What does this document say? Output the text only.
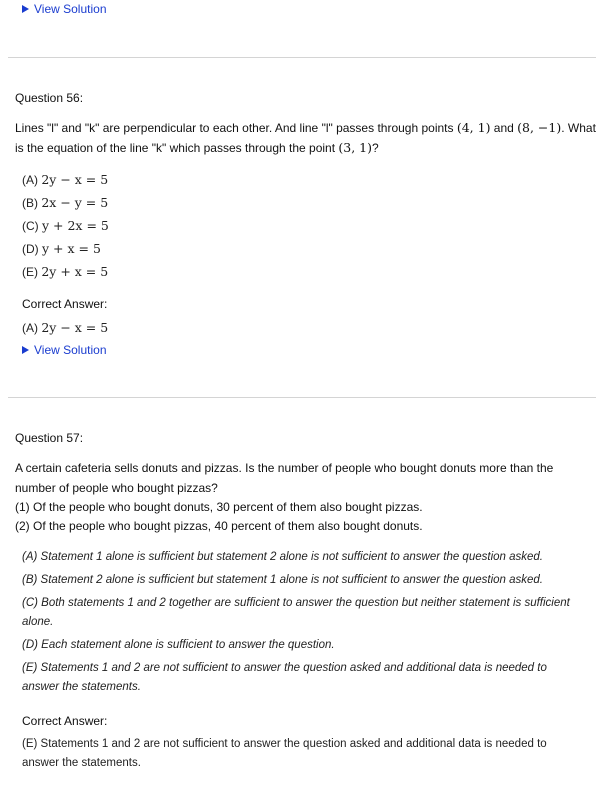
View Solution
Question 56:
Lines "l" and "k" are perpendicular to each other. And line "l" passes through points (4, 1) and (8, −1). What is the equation of the line "k" which passes through the point (3, 1)?
(A) 2y − x = 5
(B) 2x − y = 5
(C) y + 2x = 5
(D) y + x = 5
(E) 2y + x = 5
Correct Answer:
(A) 2y − x = 5
View Solution
Question 57:
A certain cafeteria sells donuts and pizzas. Is the number of people who bought donuts more than the number of people who bought pizzas?
(1) Of the people who bought donuts, 30 percent of them also bought pizzas.
(2) Of the people who bought pizzas, 40 percent of them also bought donuts.
(A) Statement 1 alone is sufficient but statement 2 alone is not sufficient to answer the question asked.
(B) Statement 2 alone is sufficient but statement 1 alone is not sufficient to answer the question asked.
(C) Both statements 1 and 2 together are sufficient to answer the question but neither statement is sufficient alone.
(D) Each statement alone is sufficient to answer the question.
(E) Statements 1 and 2 are not sufficient to answer the question asked and additional data is needed to answer the statements.
Correct Answer:
(E) Statements 1 and 2 are not sufficient to answer the question asked and additional data is needed to answer the statements.
